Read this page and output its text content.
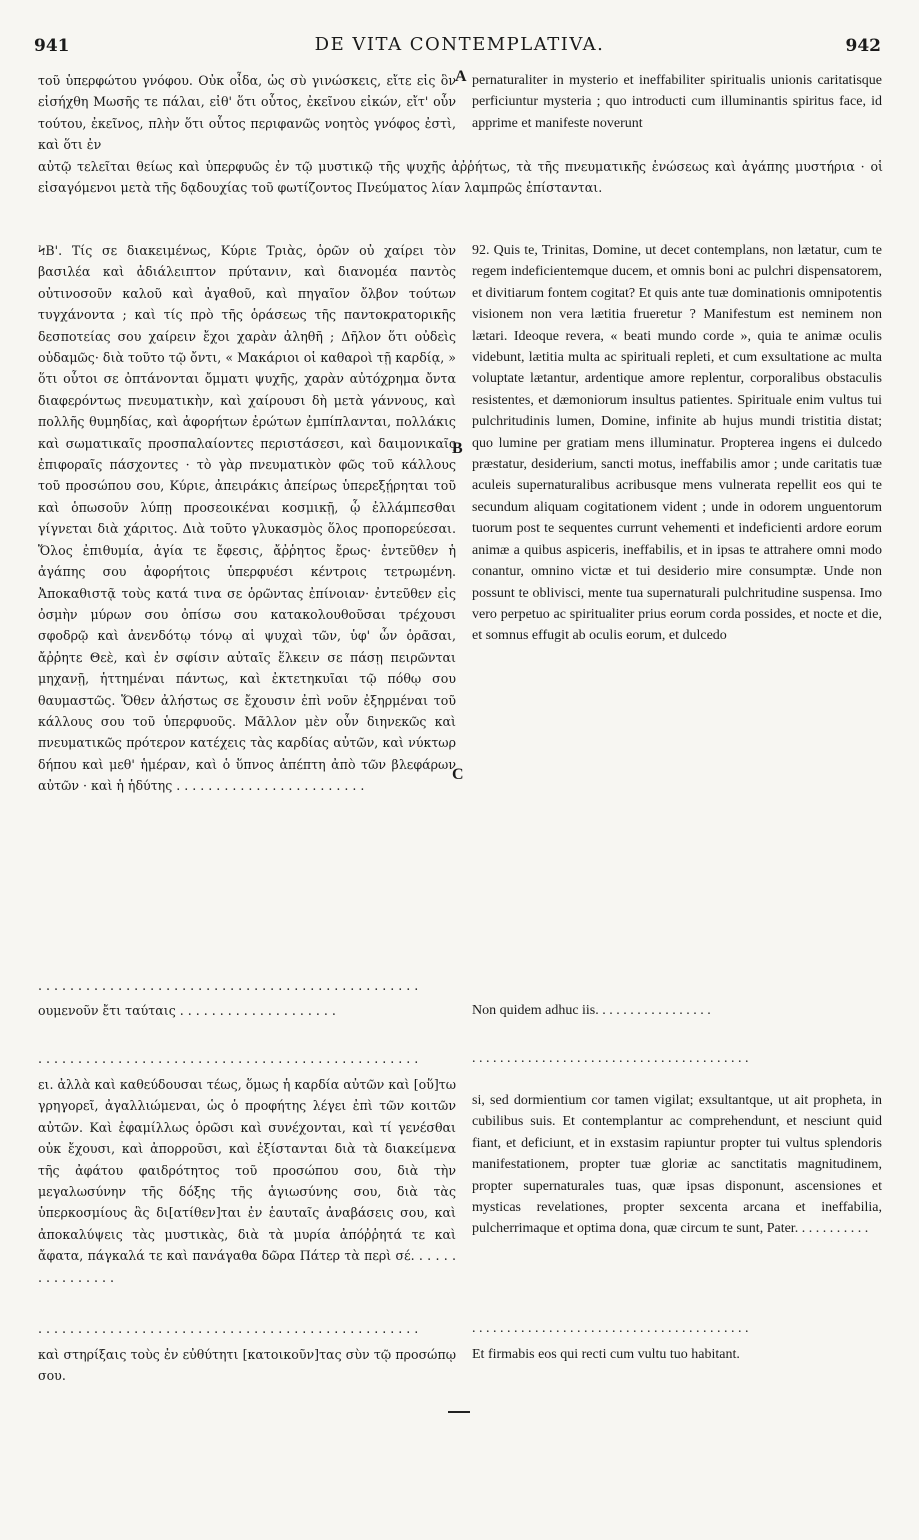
941	DE VITA CONTEMPLATIVA.	942
τοῦ ὑπερφώτου γνόφου. Οὐκ οἶδα, ὡς σὺ γινώσκεις, εἴτε εἰς ὃν εἰσήχθη Μωσῆς τε πάλαι, εἰθ' ὅτι οὗτος, ἐκεῖνου εἰκών, εἴτ' οὖν τούτου, ἐκεῖνος, πλὴν ὅτι οὗτος περιφανῶς νοητὸς γνόφος ἐστὶ, καὶ ὅτι ἐν
A pernaturaliter in mysterio et ineffabiliter spiritualis unionis caritatisque perficiuntur mysteria ; quo introducti cum illuminantis spiritus face, id apprime et manifeste noverunt
αὐτῷ τελεῖται θείως καὶ ὑπερφυῶς ἐν τῷ μυστικῷ τῆς ψυχῆς ἀῤῥήτως, τὰ τῆς πνευματικῆς ἑνώσεως καὶ ἀγάπης μυστήρια · οἱ εἰσαγόμενοι μετὰ τῆς δᾳδουχίας τοῦ φωτίζοντος Πνεύματος λίαν λαμπρῶς ἐπίστανται.
ϞΒ'. Τίς σε διακειμένως, Κύριε Τριὰς, ὁρῶν οὐ χαίρει τὸν βασιλέα καὶ ἀδιάλειπτον πρύτανιν, καὶ διανομέα παντὸς οὐτινοσοῦν καλοῦ καὶ ἀγαθοῦ, καὶ πηγαῖον ὄλβον τούτων τυγχάνοντα ; καὶ τίς πρὸ τῆς ὁράσεως τῆς παντοκρατορικῆς δεσποτείας σου χαίρειν ἔχοι χαρὰν ἀληθῆ ; Δῆλον ὅτι οὐδεὶς οὐδαμῶς· διὰ τοῦτο τῷ ὄντι, « Μακάριοι οἱ καθαροὶ τῇ καρδίᾳ, » ὅτι οὗτοι σε ὀπτάνονται ὄμματι ψυχῆς, χαρὰν αὐτόχρημα ὄντα διαφερόντως πνευματικὴν, καὶ χαίρουσι δὴ μετὰ γάννους, καὶ πολλῆς θυμηδίας, καὶ ἀφορήτων ἐρώτων ἐμπίπλανται, πολλάκις καὶ σωματικαῖς προσπαλαίοντες περιστάσεσι, καὶ δαιμονικαῖς ἐπιφοραῖς πάσχοντες · τὸ γὰρ πνευματικὸν φῶς τοῦ κάλλους τοῦ προσώπου σου, Κύριε, ἀπειράκις ἀπείρως ὑπερεξῄρηται τοῦ καὶ ὁπωσοῦν λύπῃ προσεοικέναι κοσμικῇ, ᾧ ἐλλάμπεσθαι γίγνεται διὰ χάριτος. Διὰ τοῦτο γλυκασμὸς ὅλος προπορεύεσαι. Ὅλος ἐπιθυμία, ἁγία τε ἔφεσις, ἄῤῥητος ἔρως· ἐντεῦθεν ἡ ἀγάπης σου ἀφορήτοις ὑπερφυέσι κέντροις τετρωμένη. Ἀποκαθιστᾷ τοὺς κατά τινα σε ὁρῶντας ἐπίνοιαν· ἐντεῦθεν εἰς ὀσμὴν μύρων σου ὀπίσω σου κατακολουθοῦσαι τρέχουσι σφοδρῷ καὶ ἀνενδότῳ τόνῳ αἱ ψυχαὶ τῶν, ὑφ' ὧν ὁρᾶσαι, ἄῤῥητε Θεὲ, καὶ ἐν σφίσιν αὐταῖς ἕλκειν σε πάσῃ πειρῶνται μηχανῇ, ἡττημέναι πάντως, καὶ ἐκτετηκυῖαι τῷ πόθῳ σου θαυμαστῶς. Ὅθεν ἀλήστως σε ἔχουσιν ἐπὶ νοῦν ἐξηρμέναι τοῦ κάλλους σου τοῦ ὑπερφυοῦς. Μᾶλλον μὲν οὖν διηνεκῶς καὶ πνευματικῶς πρότερον κατέχεις τὰς καρδίας αὐτῶν, καὶ νύκτωρ δήπου καὶ μεθ' ἡμέραν, καὶ ὁ ὕπνος ἀπέπτη ἀπὸ τῶν βλεφάρων αὐτῶν · καὶ ἡ ἡδύτης . . . . . . . . . . . . . . . . . . . . . . . .
B
C
92. Quis te, Trinitas, Domine, ut decet contemplans, non lætatur, cum te regem indeficientemque ducem, et omnis boni ac pulchri dispensatorem, et divitiarum fontem cogitat? Et quis ante tuæ dominationis omnipotentis visionem non vera lætitia frueretur ? Manifestum est neminem non lætari. Ideoque revera, « beati mundo corde », quia te animæ oculis videbunt, lætitia multa ac spirituali repleti, et cum exsultatione ac multa voluptate lætantur, ardentique amore replentur, corporalibus obstaculis resistentes, et dæmoniorum insultus patientes. Spirituale enim vultus tui pulchritudinis lumen, Domine, infinite ab hujus mundi tristitia distat; quo lumine per gratiam mens illuminatur. Propterea ingens ei dulcedo præstatur, desiderium, sancti motus, ineffabilis amor ; unde caritatis tuæ aculeis supernaturalibus acribusque mens vulnerata repellit eos qui te secundum aliquam cogitationem vident ; unde in odorem unguentorum tuorum post te sequentes currunt vehementi et indeficienti ardore eorum animæ a quibus aspiceris, ineffabilis, et in ipsas te attrahere omni modo conantur, omnino victæ et tui desiderio mire consumptæ. Unde non possunt te oblivisci, mente tua supernaturali pulchritudine suspensa. Imo vero perpetuo ac spiritualiter prius eorum corda possides, et nocte et die, et somnus effugit ab oculis eorum, et dulcedo
. . . . . . . . . . . . . . . . . . . . . . . . . . . . . . . . . . . . . . . . . . . . . . . .
ουμενοῦν ἔτι ταύταις . . . . . . . . . . . . . . . . . . . .	Non quidem adhuc iis. . . . . . . . . . . . . . . . .
. . . . . . . . . . . . . . . . . . . . . . . . . . . . . . . . . . . . . . . . . . . . . . . .	. . . . . . . . . . . . . . . . . . . . . . . . . . . . . . . . . . . . . . . .
ει. ἀλλὰ καὶ καθεύδουσαι τέως, ὅμως ἡ καρδία αὐτῶν καὶ [οὕ]τω γρηγορεῖ, ἀγαλλιώμεναι, ὡς ὁ προφήτης λέγει ἐπὶ τῶν κοιτῶν αὐτῶν. Καὶ ἐφαμίλλως ὁρῶσι καὶ συνέχονται, καὶ τί γενέσθαι οὐκ ἔχουσι, καὶ ἀπορροῦσι, καὶ ἐξίστανται διὰ τὰ διακείμενα τῆς ἀφάτου φαιδρότητος τοῦ προσώπου σου, διὰ τὴν μεγαλωσύνην τῆς δόξης τῆς ἁγιωσύνης σου, διὰ τὰς ὑπερκοσμίους ἃς δι[ατίθεν]ται ἐν ἑαυταῖς ἀναβάσεις σου, καὶ ἀποκαλύψεις τὰς μυστικὰς, διὰ τὰ μυρία ἀπόῤῥητά τε καὶ ἄφατα, πάγκαλά τε καὶ πανάγαθα δῶρα Πάτερ τὰ περὶ σέ. . . . . . . . . . . . . . . .
si, sed dormientium cor tamen vigilat; exsultantque, ut ait propheta, in cubilibus suis. Et contemplantur ac comprehendunt, et nesciunt quid fiant, et deficiunt, et in exstasim rapiuntur propter tui vultus splendoris manifestationem, propter tuæ gloriæ ac sanctitatis magnitudinem, propter supernaturales tuas, quæ ipsas disponunt, ascensiones et mysticas revelationes, propter sexcenta arcana et ineffabilia, pulcherrimaque et optima dona, quæ circum te sunt, Pater. . . . . . . . . . .
. . . . . . . . . . . . . . . . . . . . . . . . . . . . . . . . . . . . . . . . . . . . . . . .	. . . . . . . . . . . . . . . . . . . . . . . . . . . . . . . . . . . . . . . .
καὶ στηρίξαις τοὺς ἐν εὐθύτητι [κατοικοῦν]τας σὺν τῷ προσώπῳ σου.
Et firmabis eos qui recti cum vultu tuo habitant.
